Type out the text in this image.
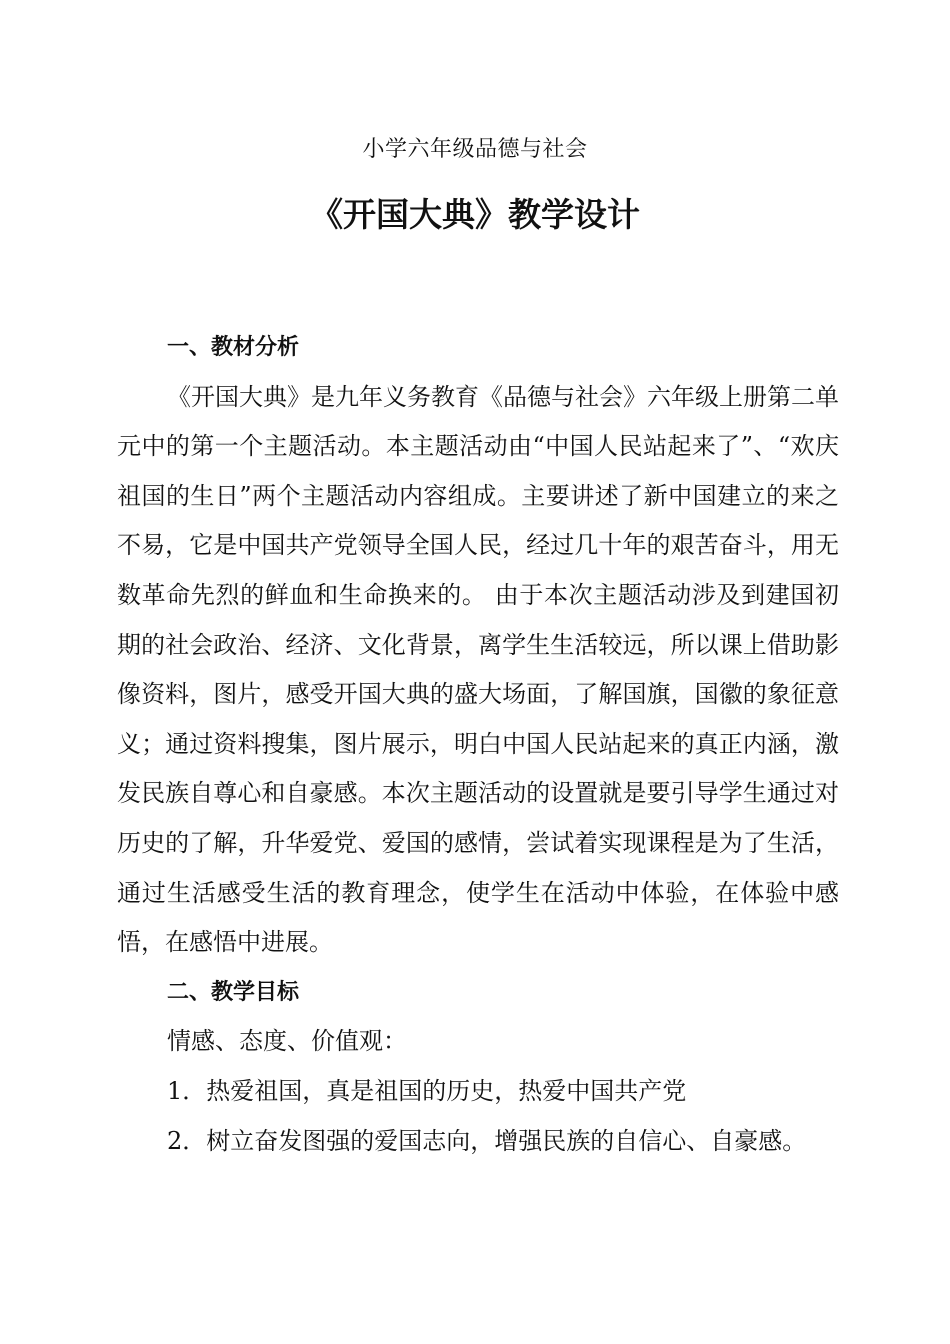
小学六年级品德与社会
《开国大典》教学设计

一、教材分析

《开国大典》是九年义务教育《品德与社会》六年级上册第二单元中的第一个主题活动。本主题活动由“中国人民站起来了”、“欢庆祖国的生日”两个主题活动内容组成。主要讲述了新中国建立的来之不易，它是中国共产党领导全国人民，经过几十年的艰苦奋斗，用无数革命先烈的鲜血和生命换来的。 由于本次主题活动涉及到建国初期的社会政治、经济、文化背景，离学生生活较远，所以课上借助影像资料，图片，感受开国大典的盛大场面，了解国旗，国徽的象征意义；通过资料搜集，图片展示，明白中国人民站起来的真正内涵，激发民族自尊心和自豪感。本次主题活动的设置就是要引导学生通过对历史的了解，升华爱党、爱国的感情，尝试着实现课程是为了生活，通过生活感受生活的教育理念，使学生在活动中体验，在体验中感悟，在感悟中进展。

二、教学目标

情感、态度、价值观：

1．热爱祖国，真是祖国的历史，热爱中国共产党

2．树立奋发图强的爱国志向，增强民族的自信心、自豪感。
